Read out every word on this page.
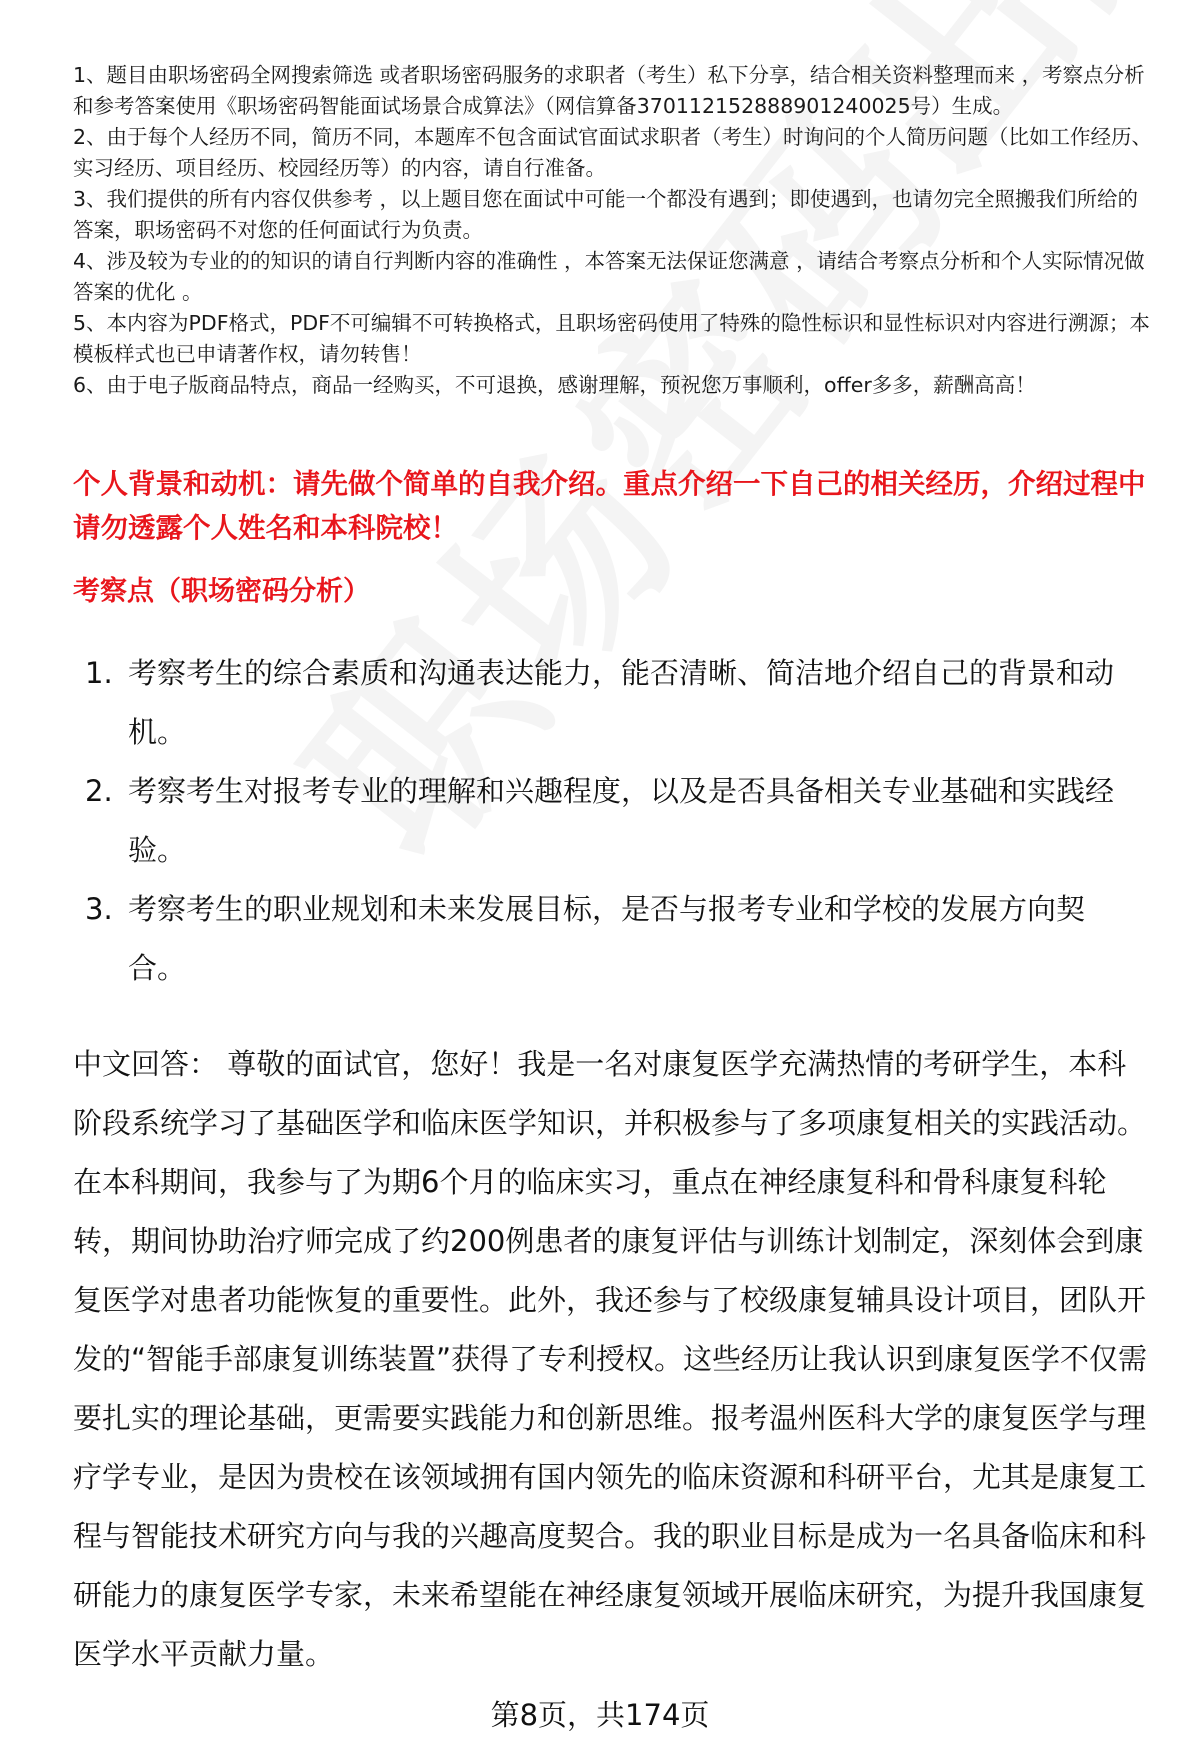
1、题目由职场密码全网搜索筛选 或者职场密码服务的求职者（考生）私下分享，结合相关资料整理而来 ，考察点分析和参考答案使用《职场密码智能面试场景合成算法》（网信算备370112152888901240025号）生成。

2、由于每个人经历不同，简历不同，本题库不包含面试官面试求职者（考生）时询问的个人简历问题（比如工作经历、实习经历、项目经历、校园经历等）的内容，请自行准备。

3、我们提供的所有内容仅供参考 ，以上题目您在面试中可能一个都没有遇到；即使遇到，也请勿完全照搬我们所给的答案，职场密码不对您的任何面试行为负责。

4、涉及较为专业的的知识的请自行判断内容的准确性 ，本答案无法保证您满意 ，请结合考察点分析和个人实际情况做答案的优化 。

5、本内容为PDF格式，PDF不可编辑不可转换格式，且职场密码使用了特殊的隐性标识和显性标识对内容进行溯源；本模板样式也已申请著作权，请勿转售！

6、由于电子版商品特点，商品一经购买，不可退换，感谢理解，预祝您万事顺利，offer多多，薪酬高高！

个人背景和动机：请先做个简单的自我介绍。重点介绍一下自己的相关经历，介绍过程中请勿透露个人姓名和本科院校！
考察点（职场密码分析）
1. 考察考生的综合素质和沟通表达能力，能否清晰、简洁地介绍自己的背景和动机。
2. 考察考生对报考专业的理解和兴趣程度，以及是否具备相关专业基础和实践经验。
3. 考察考生的职业规划和未来发展目标，是否与报考专业和学校的发展方向契合。

中文回答： 尊敬的面试官，您好！我是一名对康复医学充满热情的考研学生，本科阶段系统学习了基础医学和临床医学知识，并积极参与了多项康复相关的实践活动。在本科期间，我参与了为期6个月的临床实习，重点在神经康复科和骨科康复科轮转，期间协助治疗师完成了约200例患者的康复评估与训练计划制定，深刻体会到康复医学对患者功能恢复的重要性。此外，我还参与了校级康复辅具设计项目，团队开发的“智能手部康复训练装置”获得了专利授权。这些经历让我认识到康复医学不仅需要扎实的理论基础，更需要实践能力和创新思维。报考温州医科大学的康复医学与理疗学专业，是因为贵校在该领域拥有国内领先的临床资源和科研平台，尤其是康复工程与智能技术研究方向与我的兴趣高度契合。我的职业目标是成为一名具备临床和科研能力的康复医学专家，未来希望能在神经康复领域开展临床研究，为提升我国康复医学水平贡献力量。

第8页，共174页
